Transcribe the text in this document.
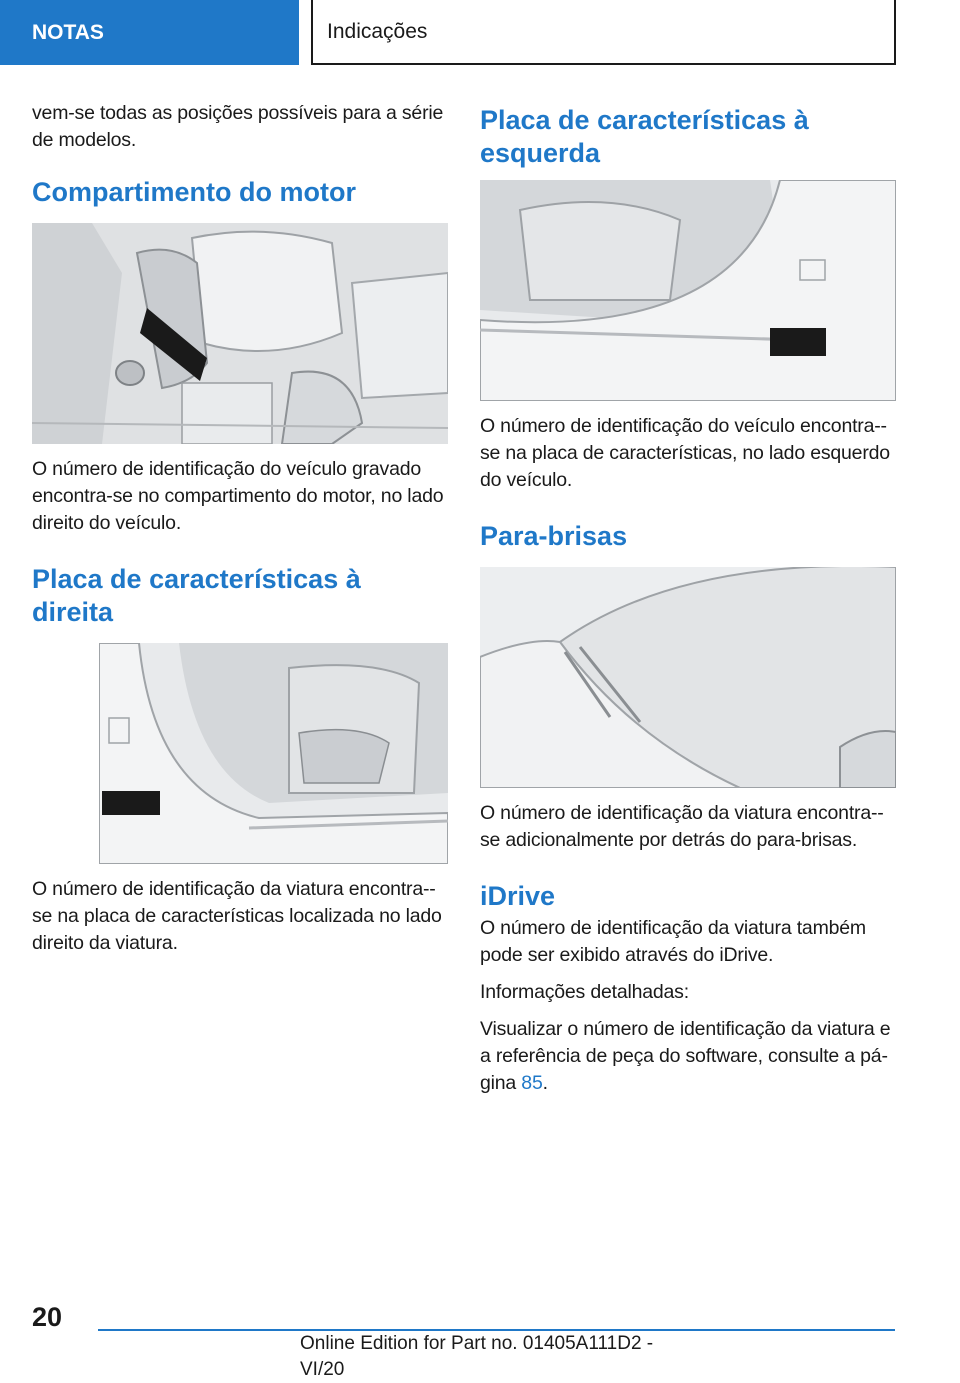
NOTAS	Indicações

vem-se todas as posições possíveis para a série de modelos.

Compartimento do motor

O número de identificação do veículo gravado encontra-se no compartimento do motor, no lado direito do veículo.

Placa de características à direita

O número de identificação da viatura encontra--se na placa de características localizada no lado direito da viatura.

Placa de características à esquerda

O número de identificação do veículo encontra--se na placa de características, no lado esquerdo do veículo.

Para-brisas

O número de identificação da viatura encontra--se adicionalmente por detrás do para-brisas.

iDrive

O número de identificação da viatura também pode ser exibido através do iDrive.

Informações detalhadas:

Visualizar o número de identificação da viatura e a referência de peça do software, consulte a pá-gina 85.

20
Online Edition for Part no. 01405A111D2 - VI/20
